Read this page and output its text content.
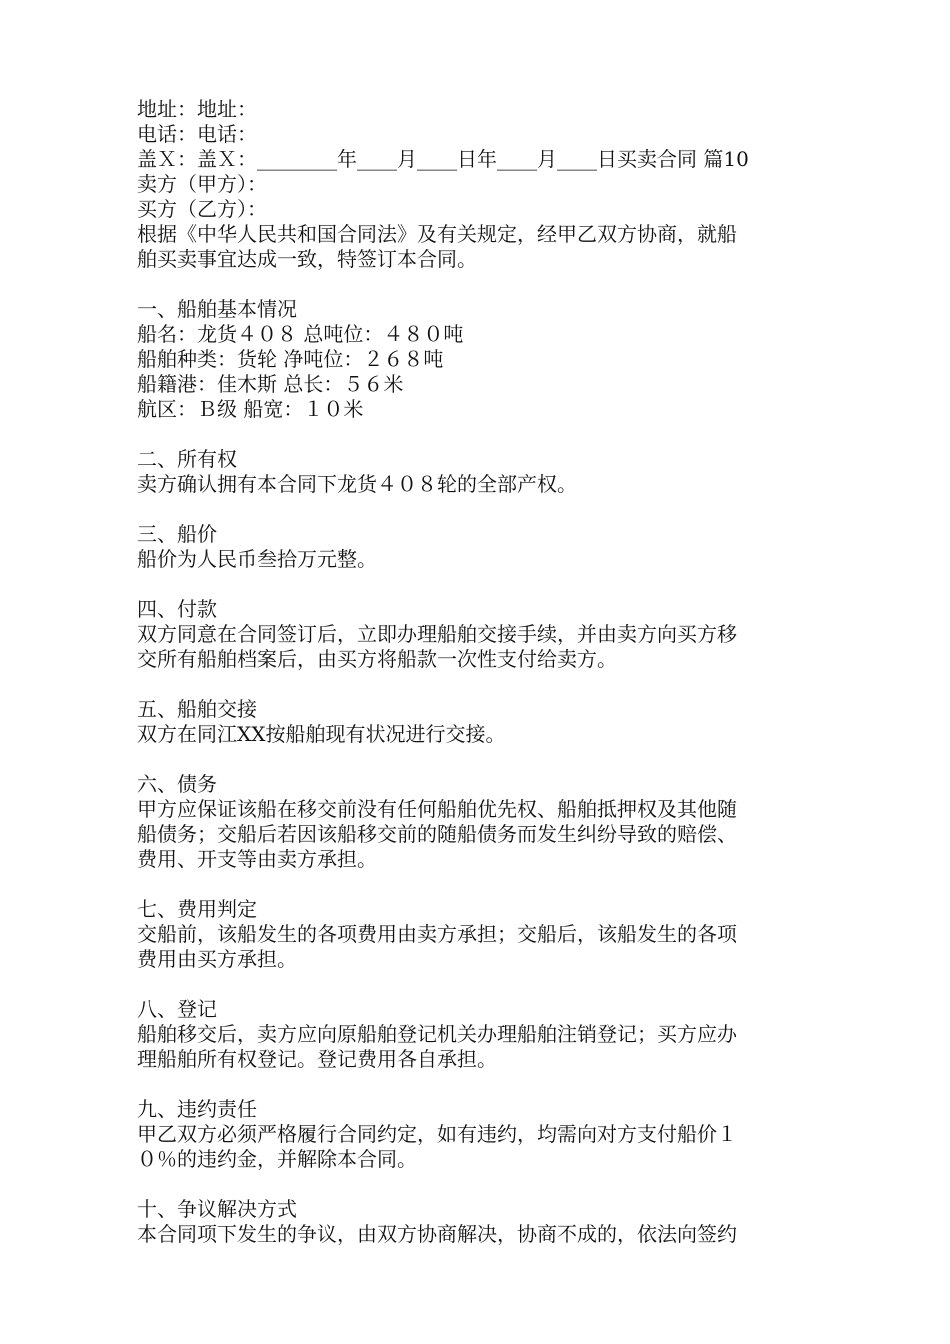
地址：地址：
电话：电话：
盖Ｘ：盖Ｘ：________年____月____日年____月____日买卖合同 篇10
卖方（甲方）：
买方（乙方）：
根据《中华人民共和国合同法》及有关规定，经甲乙双方协商，就船
舶买卖事宜达成一致，特签订本合同。
一、船舶基本情况
船名：龙货４０８ 总吨位：４８０吨
船舶种类：货轮 净吨位：２６８吨
船籍港：佳木斯 总长：５６米
航区：Ｂ级 船宽：１０米
二、所有权
卖方确认拥有本合同下龙货４０８轮的全部产权。
三、船价
船价为人民币叁拾万元整。
四、付款
双方同意在合同签订后，立即办理船舶交接手续，并由卖方向买方移
交所有船舶档案后，由买方将船款一次性支付给卖方。
五、船舶交接
双方在同江XX按船舶现有状况进行交接。
六、债务
甲方应保证该船在移交前没有任何船舶优先权、船舶抵押权及其他随
船债务；交船后若因该船移交前的随船债务而发生纠纷导致的赔偿、
费用、开支等由卖方承担。
七、费用判定
交船前，该船发生的各项费用由卖方承担；交船后，该船发生的各项
费用由买方承担。
八、登记
船舶移交后，卖方应向原船舶登记机关办理船舶注销登记；买方应办
理船舶所有权登记。登记费用各自承担。
九、违约责任
甲乙双方必须严格履行合同约定，如有违约，均需向对方支付船价１
０％的违约金，并解除本合同。
十、争议解决方式
本合同项下发生的争议，由双方协商解决，协商不成的，依法向签约
